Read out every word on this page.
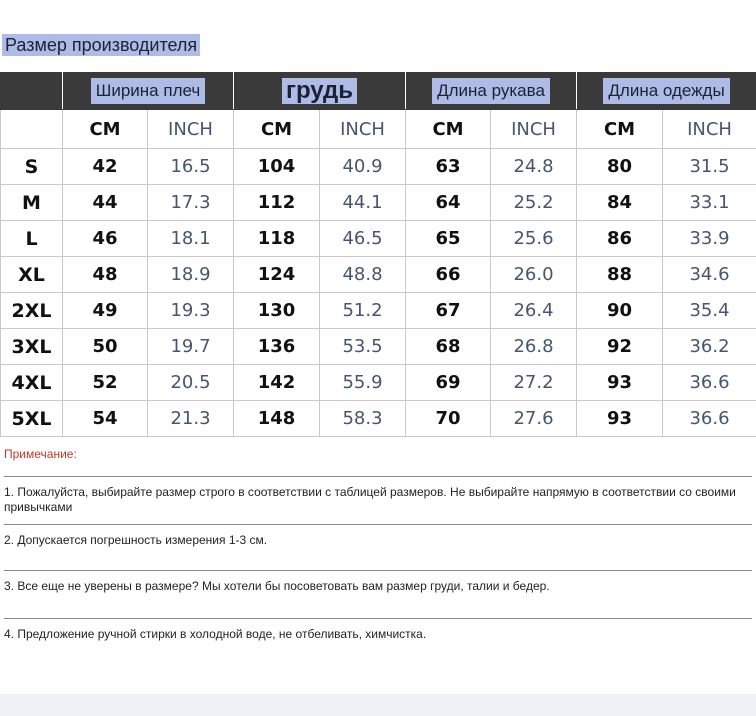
Размер производителя
	Ширина плеч		грудь		Длина рукава		Длина одежды	
	CM	INCH	CM	INCH	CM	INCH	CM	INCH
S	42	16.5	104	40.9	63	24.8	80	31.5
M	44	17.3	112	44.1	64	25.2	84	33.1
L	46	18.1	118	46.5	65	25.6	86	33.9
XL	48	18.9	124	48.8	66	26.0	88	34.6
2XL	49	19.3	130	51.2	67	26.4	90	35.4
3XL	50	19.7	136	53.5	68	26.8	92	36.2
4XL	52	20.5	142	55.9	69	27.2	93	36.6
5XL	54	21.3	148	58.3	70	27.6	93	36.6
Примечание:
1. Пожалуйста, выбирайте размер строго в соответствии с таблицей размеров. Не выбирайте напрямую в соответствии со своими привычками
2. Допускается погрешность измерения 1-3 см.
3. Все еще не уверены в размере? Мы хотели бы посоветовать вам размер груди, талии и бедер.
4. Предложение ручной стирки в холодной воде, не отбеливать, химчистка.
